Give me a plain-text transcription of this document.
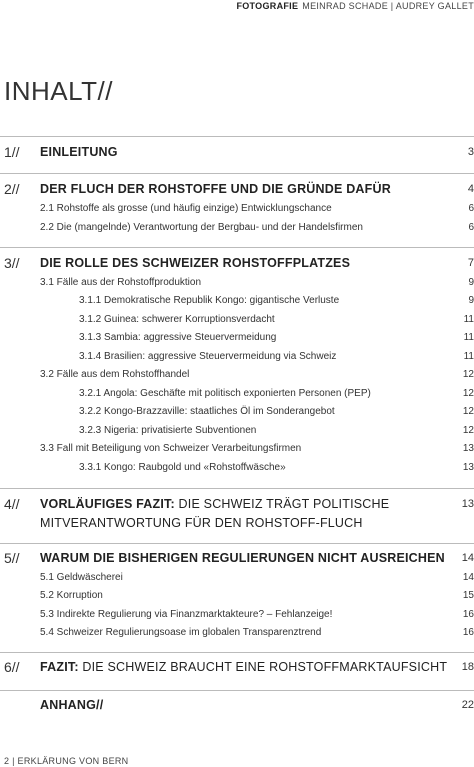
FOTOGRAFIE MEINRAD SCHADE | AUDREY GALLET
INHALT//
1// EINLEITUNG	3
2// DER FLUCH DER ROHSTOFFE UND DIE GRÜNDE DAFÜR	4
2.1 Rohstoffe als grosse (und häufig einzige) Entwicklungschance	6
2.2 Die (mangelnde) Verantwortung der Bergbau- und der Handelsfirmen	6
3// DIE ROLLE DES SCHWEIZER ROHSTOFFPLATZES	7
3.1 Fälle aus der Rohstoffproduktion	9
3.1.1 Demokratische Republik Kongo: gigantische Verluste	9
3.1.2 Guinea: schwerer Korruptionsverdacht	11
3.1.3 Sambia: aggressive Steuervermeidung	11
3.1.4 Brasilien: aggressive Steuervermeidung via Schweiz	11
3.2 Fälle aus dem Rohstoffhandel	12
3.2.1 Angola: Geschäfte mit politisch exponierten Personen (PEP)	12
3.2.2 Kongo-Brazzaville: staatliches Öl im Sonderangebot	12
3.2.3 Nigeria: privatisierte Subventionen	12
3.3 Fall mit Beteiligung von Schweizer Verarbeitungsfirmen	13
3.3.1 Kongo: Raubgold und «Rohstoffwäsche»	13
4// VORLÄUFIGES FAZIT: DIE SCHWEIZ TRÄGT POLITISCHE
MITVERANTWORTUNG FÜR DEN ROHSTOFF-FLUCH
13
5// WARUM DIE BISHERIGEN REGULIERUNGEN NICHT AUSREICHEN 14
5.1 Geldwäscherei	14
5.2 Korruption	15
5.3 Indirekte Regulierung via Finanzmarktakteure? – Fehlanzeige!	16
5.4 Schweizer Regulierungsoase im globalen Transparenztrend	16
6// FAZIT: DIE SCHWEIZ BRAUCHT EINE ROHSTOFFMARKTAUFSICHT 18
ANHANG//	22
2 | ERKLÄRUNG VON BERN
